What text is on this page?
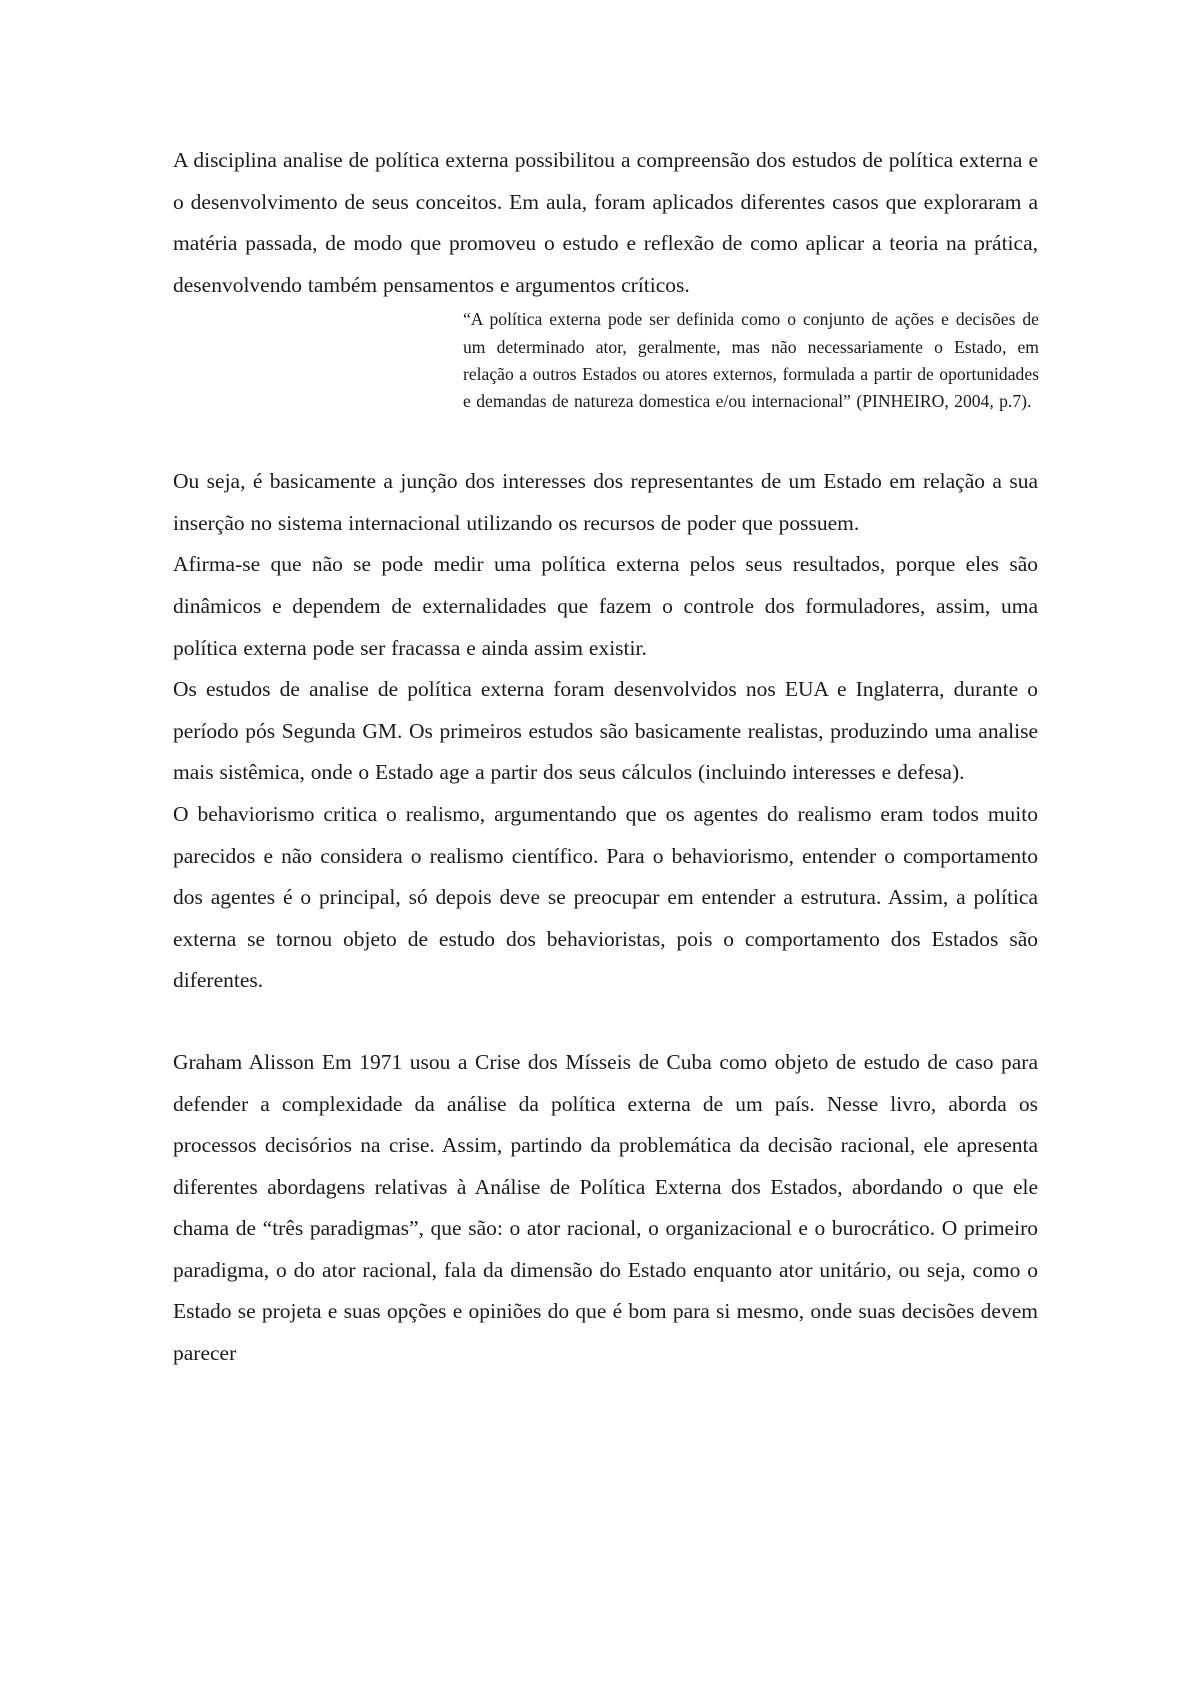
A disciplina analise de política externa possibilitou a compreensão dos estudos de política externa e o desenvolvimento de seus conceitos. Em aula, foram aplicados diferentes casos que exploraram a matéria passada, de modo que promoveu o estudo e reflexão de como aplicar a teoria na prática, desenvolvendo também pensamentos e argumentos críticos.

“A política externa pode ser definida como o conjunto de ações e decisões de um determinado ator, geralmente, mas não necessariamente o Estado, em relação a outros Estados ou atores externos, formulada a partir de oportunidades e demandas de natureza domestica e/ou internacional” (PINHEIRO, 2004, p.7).

Ou seja, é basicamente a junção dos interesses dos representantes de um Estado em relação a sua inserção no sistema internacional utilizando os recursos de poder que possuem.

Afirma-se que não se pode medir uma política externa pelos seus resultados, porque eles são dinâmicos e dependem de externalidades que fazem o controle dos formuladores, assim, uma política externa pode ser fracassa e ainda assim existir.

Os estudos de analise de política externa foram desenvolvidos nos EUA e Inglaterra, durante o período pós Segunda GM. Os primeiros estudos são basicamente realistas, produzindo uma analise mais sistêmica, onde o Estado age a partir dos seus cálculos (incluindo interesses e defesa).

O behaviorismo critica o realismo, argumentando que os agentes do realismo eram todos muito parecidos e não considera o realismo científico. Para o behaviorismo, entender o comportamento dos agentes é o principal, só depois deve se preocupar em entender a estrutura. Assim, a política externa se tornou objeto de estudo dos behavioristas, pois o comportamento dos Estados são diferentes.

Graham Alisson Em 1971 usou a Crise dos Mísseis de Cuba como objeto de estudo de caso para defender a complexidade da análise da política externa de um país. Nesse livro, aborda os processos decisórios na crise. Assim, partindo da problemática da decisão racional, ele apresenta diferentes abordagens relativas à Análise de Política Externa dos Estados, abordando o que ele chama de “três paradigmas”, que são: o ator racional, o organizacional e o burocrático. O primeiro paradigma, o do ator racional, fala da dimensão do Estado enquanto ator unitário, ou seja, como o Estado se projeta e suas opções e opiniões do que é bom para si mesmo, onde suas decisões devem parecer
